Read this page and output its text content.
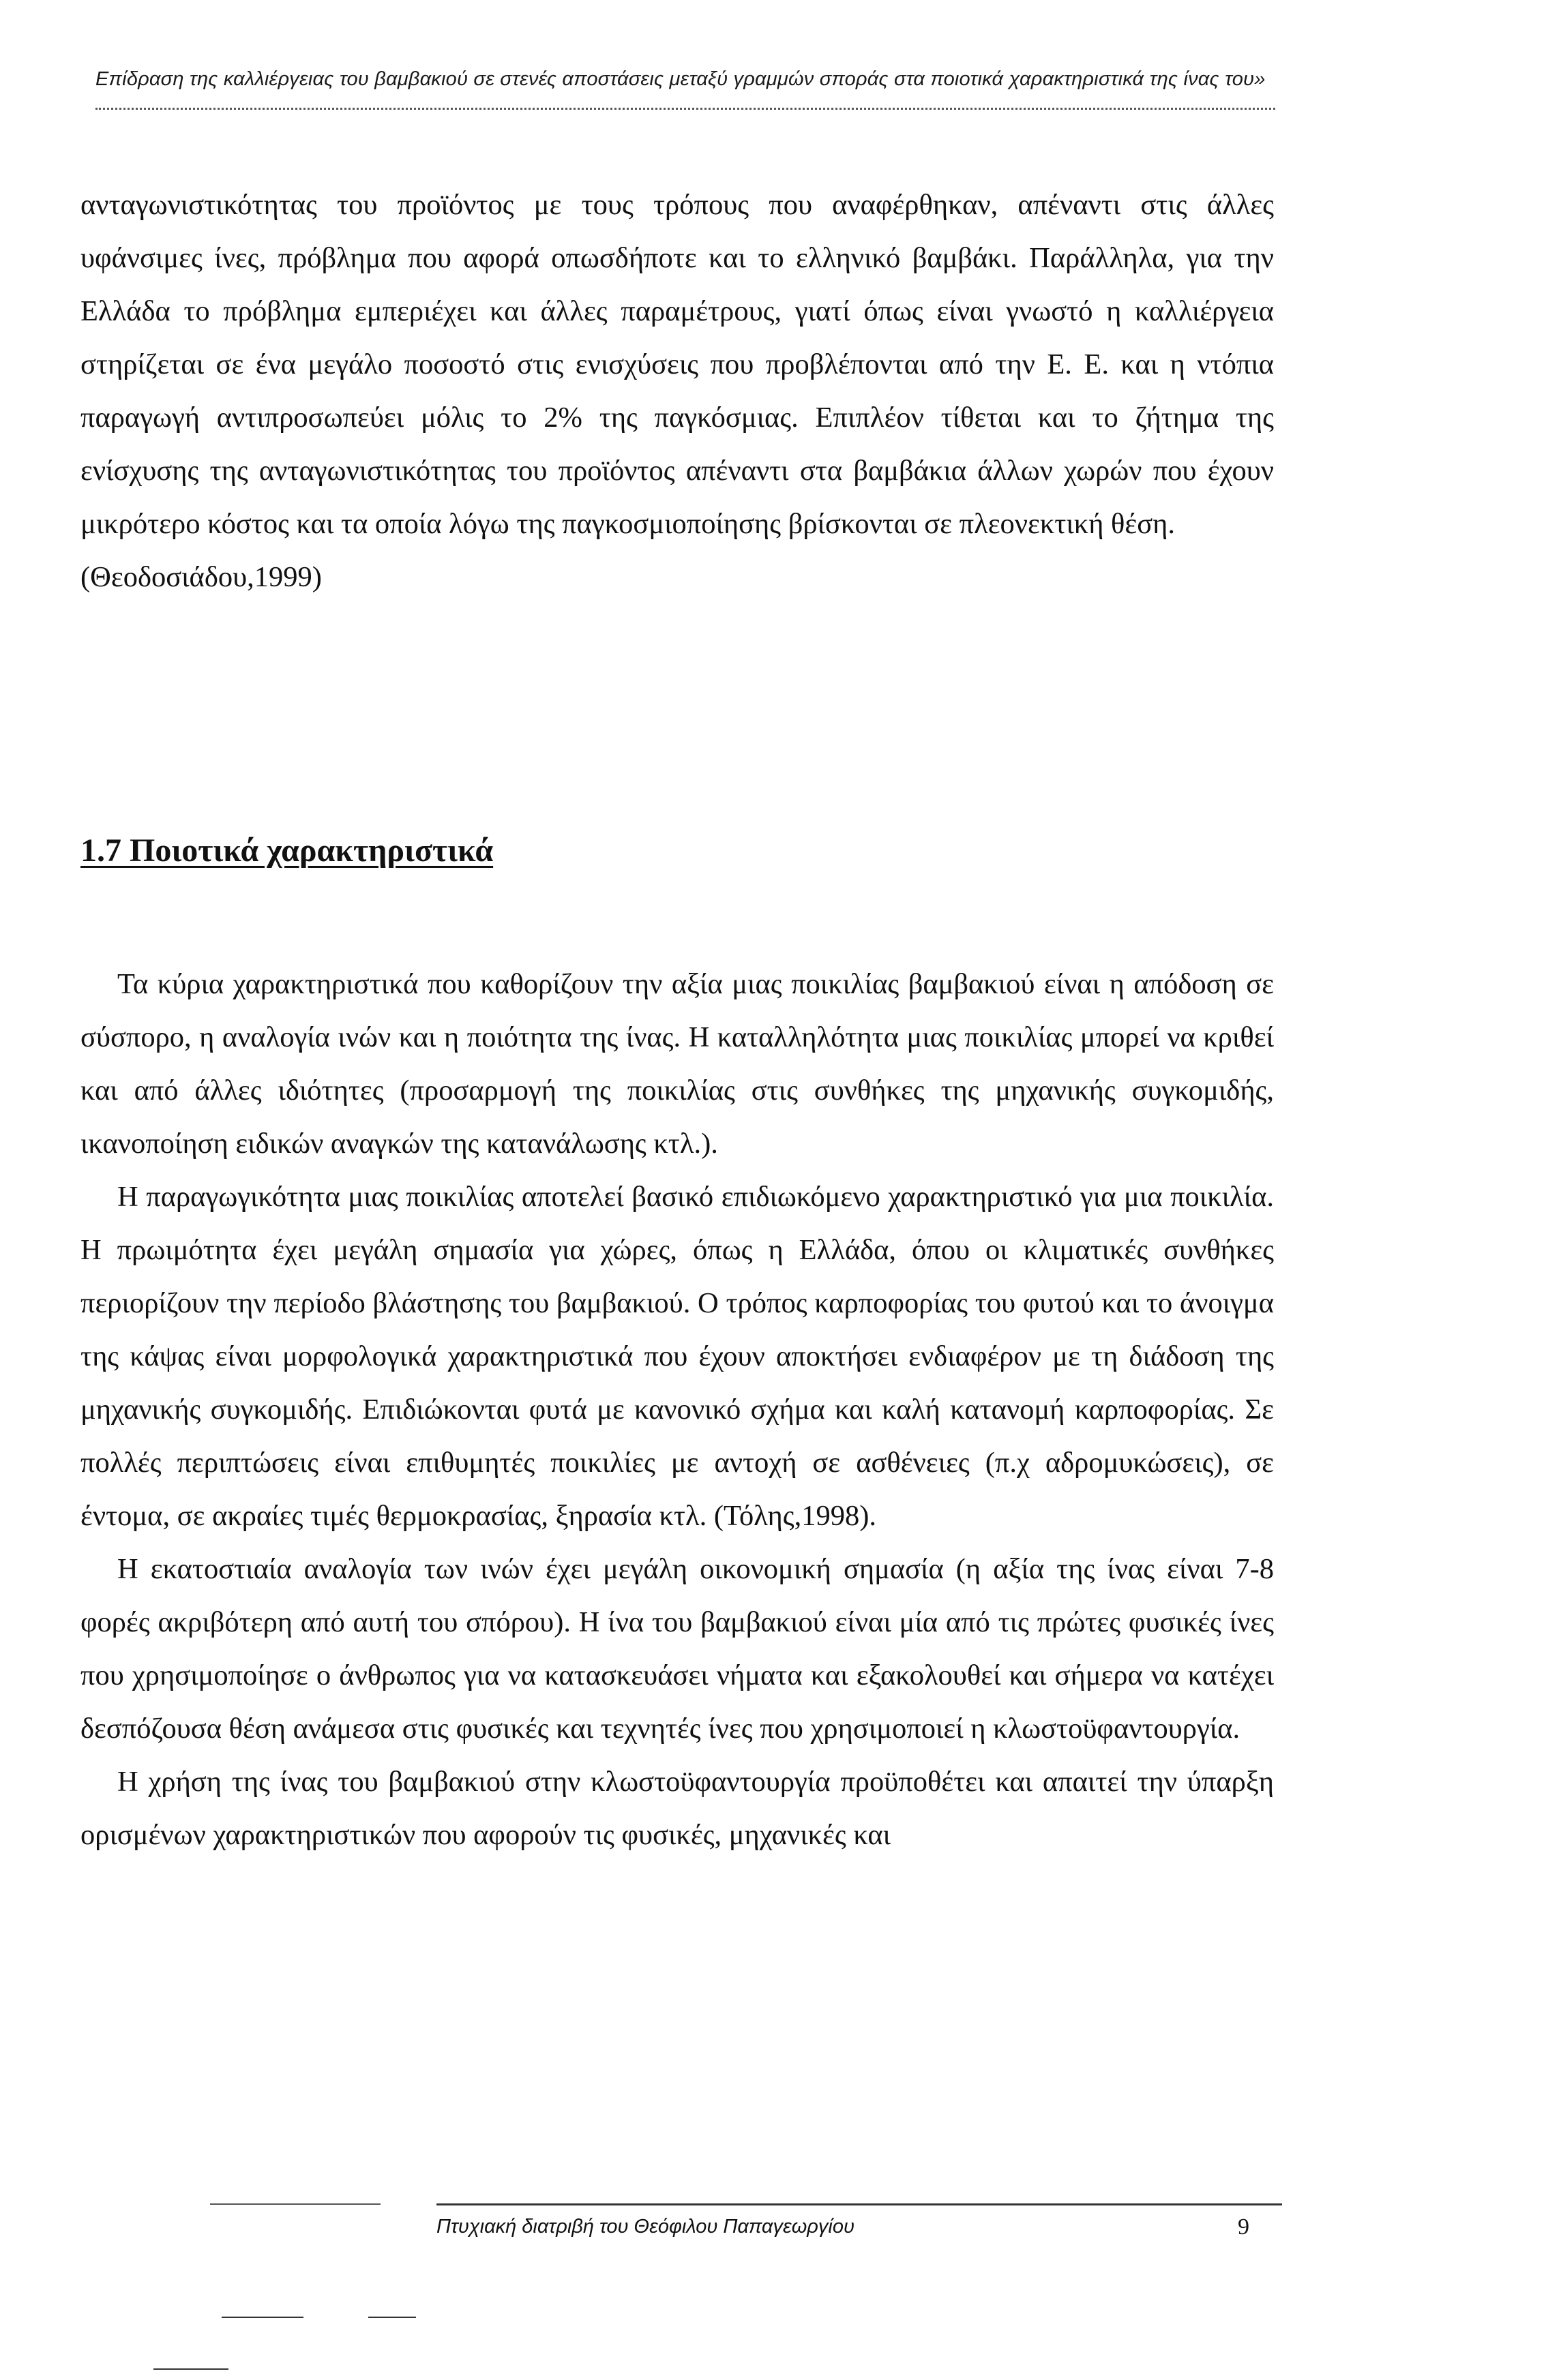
Επίδραση της καλλιέργειας του βαμβακιού σε στενές αποστάσεις μεταξύ γραμμών σποράς στα ποιοτικά χαρακτηριστικά της ίνας του»

ανταγωνιστικότητας του προϊόντος με τους τρόπους που αναφέρθηκαν, απέναντι στις άλλες υφάνσιμες ίνες, πρόβλημα που αφορά οπωσδήποτε και το ελληνικό βαμβάκι. Παράλληλα, για την Ελλάδα το πρόβλημα εμπεριέχει και άλλες παραμέτρους, γιατί όπως είναι γνωστό η καλλιέργεια στηρίζεται σε ένα μεγάλο ποσοστό στις ενισχύσεις που προβλέπονται από την Ε. Ε. και η ντόπια παραγωγή αντιπροσωπεύει μόλις το 2% της παγκόσμιας. Επιπλέον τίθεται και το ζήτημα της ενίσχυσης της ανταγωνιστικότητας του προϊόντος απέναντι στα βαμβάκια άλλων χωρών που έχουν μικρότερο κόστος και τα οποία λόγω της παγκοσμιοποίησης βρίσκονται σε πλεονεκτική θέση.

(Θεοδοσιάδου,1999)

1.7 Ποιοτικά χαρακτηριστικά

Τα κύρια χαρακτηριστικά που καθορίζουν την αξία μιας ποικιλίας βαμβακιού είναι η απόδοση σε σύσπορο, η αναλογία ινών και η ποιότητα της ίνας. Η καταλληλότητα μιας ποικιλίας μπορεί να κριθεί και από άλλες ιδιότητες (προσαρμογή της ποικιλίας στις συνθήκες της μηχανικής συγκομιδής, ικανοποίηση ειδικών αναγκών της κατανάλωσης κτλ.).

Η παραγωγικότητα μιας ποικιλίας αποτελεί βασικό επιδιωκόμενο χαρακτηριστικό για μια ποικιλία. Η πρωιμότητα έχει μεγάλη σημασία για χώρες, όπως η Ελλάδα, όπου οι κλιματικές συνθήκες περιορίζουν την περίοδο βλάστησης του βαμβακιού. Ο τρόπος καρποφορίας του φυτού και το άνοιγμα της κάψας είναι μορφολογικά χαρακτηριστικά που έχουν αποκτήσει ενδιαφέρον με τη διάδοση της μηχανικής συγκομιδής. Επιδιώκονται φυτά με κανονικό σχήμα και καλή κατανομή καρποφορίας. Σε πολλές περιπτώσεις είναι επιθυμητές ποικιλίες με αντοχή σε ασθένειες (π.χ αδρομυκώσεις), σε έντομα, σε ακραίες τιμές θερμοκρασίας, ξηρασία κτλ. (Τόλης,1998).

Η εκατοστιαία αναλογία των ινών έχει μεγάλη οικονομική σημασία (η αξία της ίνας είναι 7-8 φορές ακριβότερη από αυτή του σπόρου). Η ίνα του βαμβακιού είναι μία από τις πρώτες φυσικές ίνες που χρησιμοποίησε ο άνθρωπος για να κατασκευάσει νήματα και εξακολουθεί και σήμερα να κατέχει δεσπόζουσα θέση ανάμεσα στις φυσικές και τεχνητές ίνες που χρησιμοποιεί η κλωστοϋφαντουργία.

Η χρήση της ίνας του βαμβακιού στην κλωστοϋφαντουργία προϋποθέτει και απαιτεί την ύπαρξη ορισμένων χαρακτηριστικών που αφορούν τις φυσικές, μηχανικές και

Πτυχιακή διατριβή του Θεόφιλου Παπαγεωργίου	9
